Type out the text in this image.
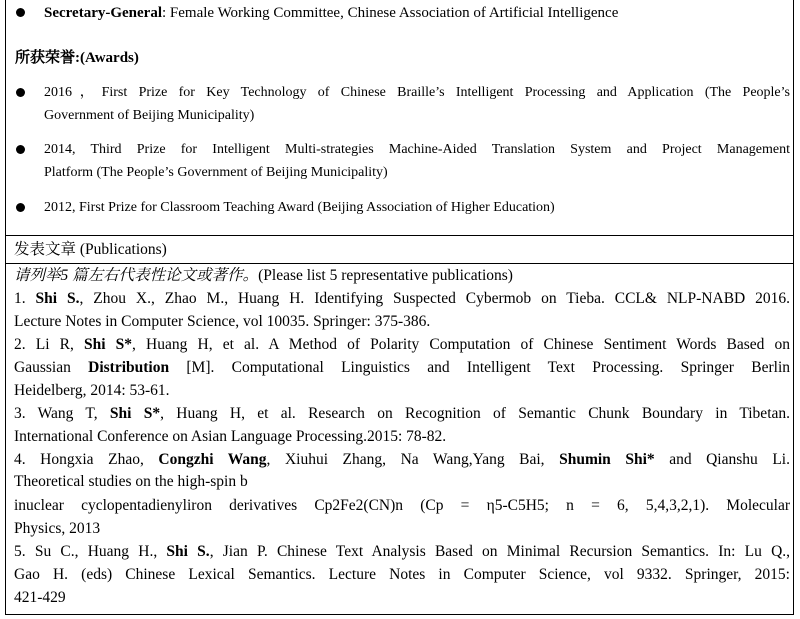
Secretary-General: Female Working Committee, Chinese Association of Artificial Intelligence
所获荣誉:(Awards)
2016，First Prize for Key Technology of Chinese Braille’s Intelligent Processing and Application (The People’s
Government of Beijing Municipality)
2014, Third Prize for Intelligent Multi-strategies Machine-Aided Translation System and Project Management
Platform (The People’s Government of Beijing Municipality)
2012, First Prize for Classroom Teaching Award (Beijing Association of Higher Education)
发表文章 (Publications)
请列举5 篇左右代表性论文或著作。(Please list 5 representative publications)
1. Shi S., Zhou X., Zhao M., Huang H. Identifying Suspected Cybermob on Tieba. CCL& NLP-NABD 2016.
Lecture Notes in Computer Science, vol 10035. Springer: 375-386.
2. Li R, Shi S*, Huang H, et al. A Method of Polarity Computation of Chinese Sentiment Words Based on
Gaussian Distribution [M]. Computational Linguistics and Intelligent Text Processing. Springer Berlin
Heidelberg, 2014: 53-61.
3. Wang T, Shi S*, Huang H, et al. Research on Recognition of Semantic Chunk Boundary in Tibetan.
International Conference on Asian Language Processing.2015: 78-82.
4. Hongxia Zhao, Congzhi Wang, Xiuhui Zhang, Na Wang,Yang Bai, Shumin Shi* and Qianshu Li.
Theoretical studies on the high-spin b
inuclear cyclopentadienyliron derivatives Cp2Fe2(CN)n (Cp = η5-C5H5; n = 6, 5,4,3,2,1). Molecular
Physics, 2013
5. Su C., Huang H., Shi S., Jian P. Chinese Text Analysis Based on Minimal Recursion Semantics. In: Lu Q.,
Gao H. (eds) Chinese Lexical Semantics. Lecture Notes in Computer Science, vol 9332. Springer, 2015:
421-429
